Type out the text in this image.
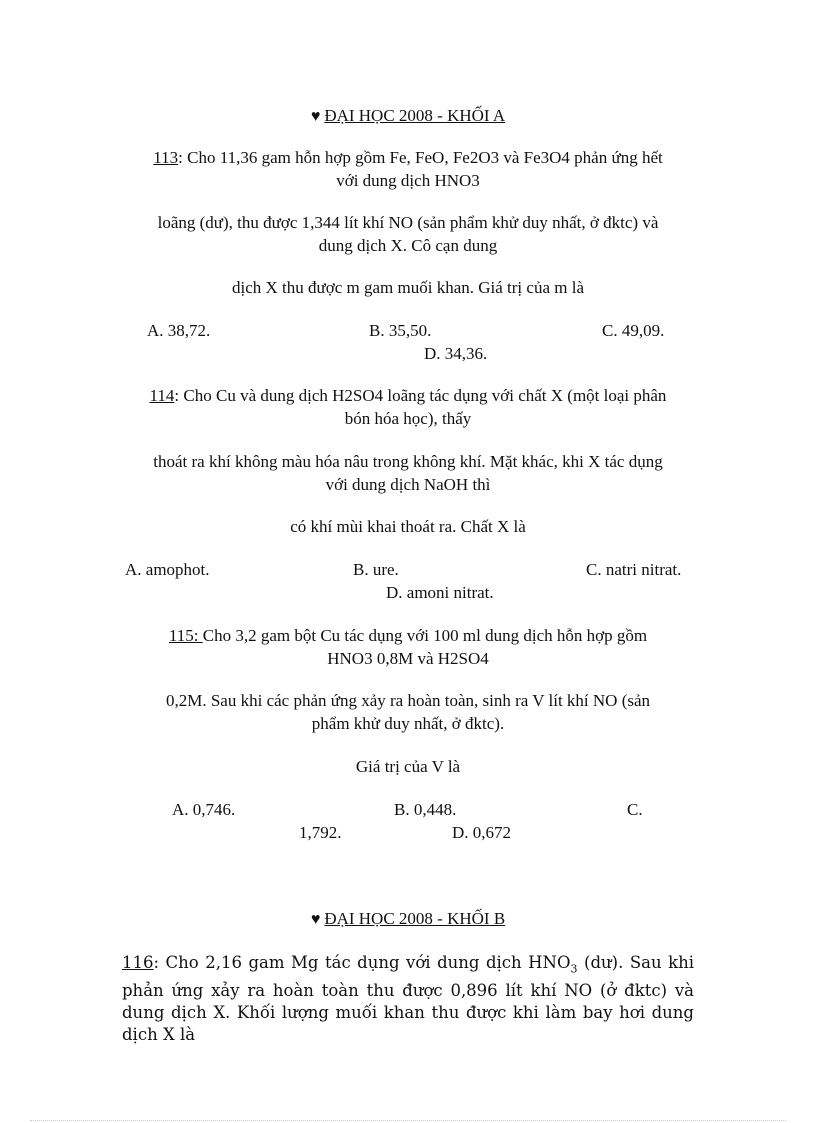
♥ ĐẠI HỌC 2008 - KHỐI A
113: Cho 11,36 gam hỗn hợp gồm Fe, FeO, Fe2O3 và Fe3O4 phản ứng hết
với dung dịch HNO3
loãng (dư), thu được 1,344 lít khí NO (sản phẩm khử duy nhất, ở đktc) và
dung dịch X. Cô cạn dung
dịch X thu được m gam muối khan. Giá trị của m là
A. 38,72.	B. 35,50.	C. 49,09.
D. 34,36.
114: Cho Cu và dung dịch H2SO4 loãng tác dụng với chất X (một loại phân
bón hóa học), thấy
thoát ra khí không màu hóa nâu trong không khí. Mặt khác, khi X tác dụng
với dung dịch NaOH thì
có khí mùi khai thoát ra. Chất X là
A. amophot.	B. ure.	C. natri nitrat.
D. amoni nitrat.
115: Cho 3,2 gam bột Cu tác dụng với 100 ml dung dịch hỗn hợp gồm
HNO3 0,8M và H2SO4
0,2M. Sau khi các phản ứng xảy ra hoàn toàn, sinh ra V lít khí NO (sản
phẩm khử duy nhất, ở đktc).
Giá trị của V là
A. 0,746.	B. 0,448.	C.
1,792.	D. 0,672
♥ ĐẠI HỌC 2008 - KHỐI B
116: Cho 2,16 gam Mg tác dụng với dung dịch $HNO_3$ (dư). Sau khi phản ứng xảy ra hoàn toàn thu được 0,896 lít khí NO (ở đktc) và dung dịch X. Khối lượng muối khan thu được khi làm bay hơi dung dịch X là
